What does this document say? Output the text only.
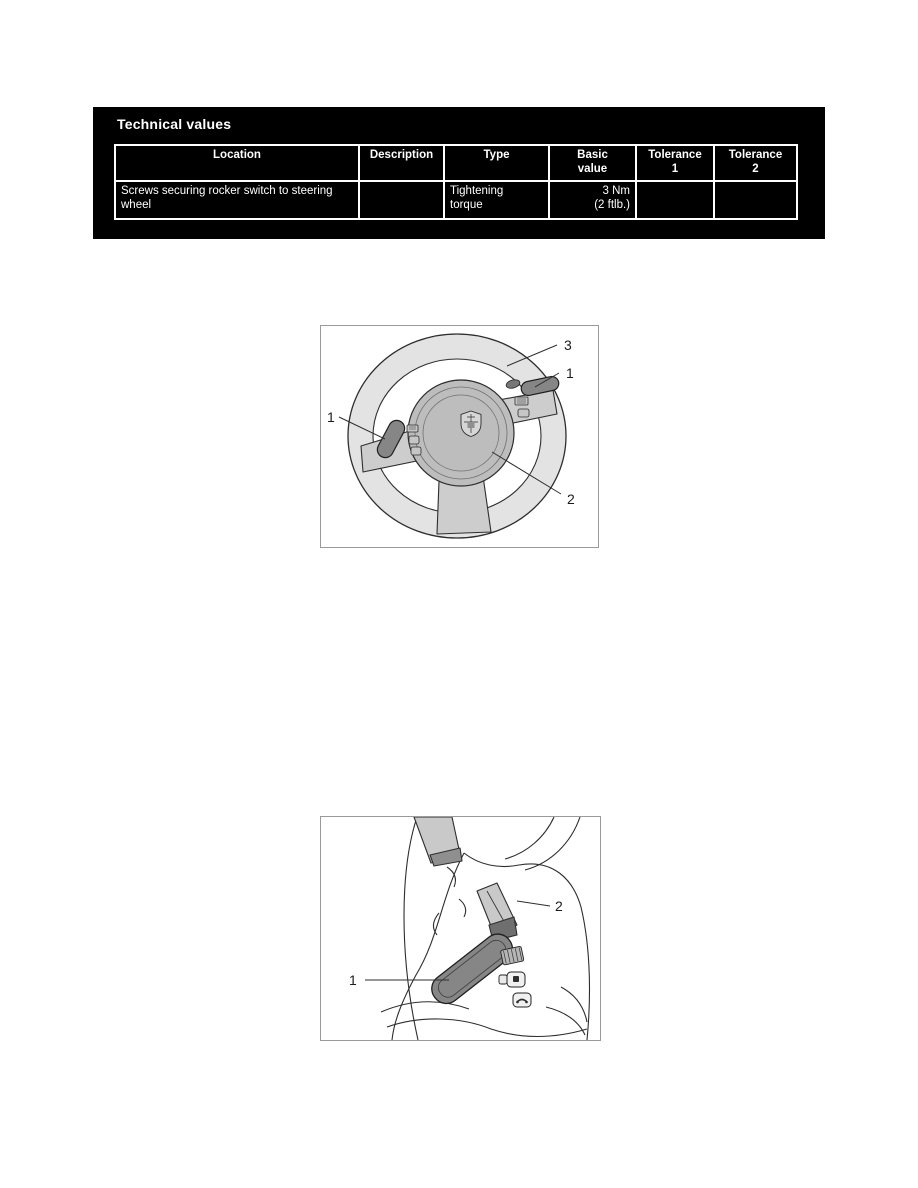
Technical values
Location	Description	Type	Basic value	Tolerance 1	Tolerance 2
Screws securing rocker switch to steering wheel		Tightening torque	3 Nm
(2 ftlb.)		

3
1
1
2
1
2
